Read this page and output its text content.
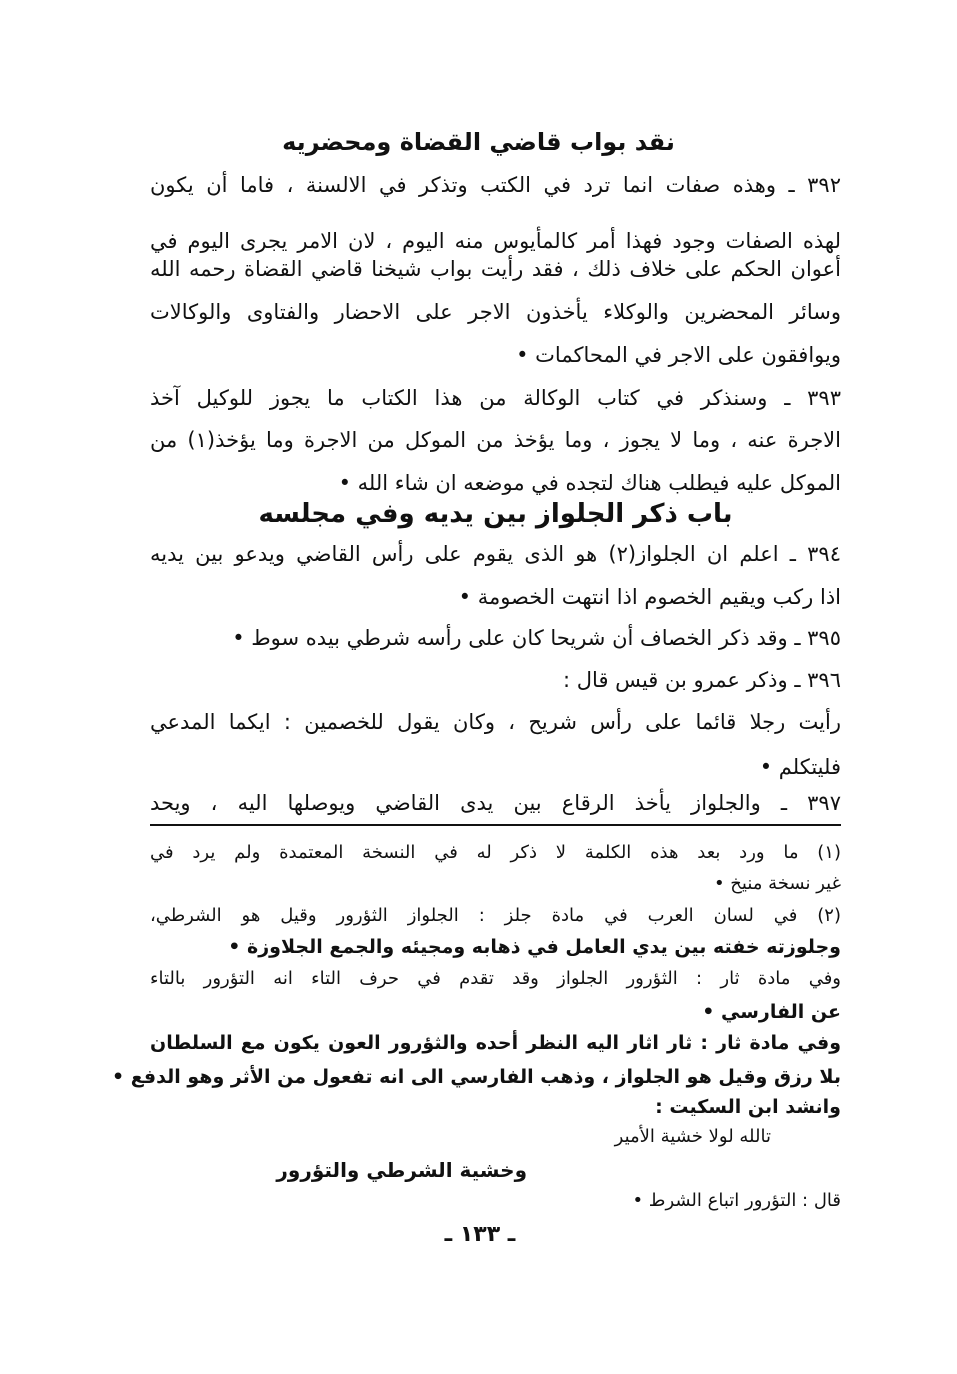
نقد بواب قاضي القضاة ومحضريه
٣٩٢ ـ وهذه صفات انما ترد في الكتب وتذكر في الالسنة ، فاما أن يكون
لهذه الصفات وجود فهذا أمر كالمأيوس منه اليوم ، لان الامر يجرى اليوم في
أعوان الحكم على خلاف ذلك ، فقد رأيت بواب شيخنا قاضي القضاة رحمه الله
وسائر المحضرين والوكلاء يأخذون الاجر على الاحضار والفتاوى والوكالات
ويوافقون على الاجر في المحاكمات •
٣٩٣ ـ وسنذكر في كتاب الوكالة من هذا الكتاب ما يجوز للوكيل آخذ
الاجرة عنه ، وما لا يجوز ، وما يؤخذ من الموكل من الاجرة وما يؤخذ(١) من
الموكل عليه فيطلب هناك لتجده في موضعه ان شاء الله •
باب ذكر الجلواز بين يديه وفي مجلسه
٣٩٤ ـ اعلم ان الجلواز(٢) هو الذى يقوم على رأس القاضي ويدعو بين يديه
اذا ركب ويقيم الخصوم اذا انتهت الخصومة •
٣٩٥ ـ وقد ذكر الخصاف أن شريحا كان على رأسه شرطي بيده سوط •
٣٩٦ ـ وذكر عمرو بن قيس قال :
رأيت رجلا قائما على رأس شريح ، وكان يقول للخصمين : ايكما المدعي
فليتكلم •
٣٩٧ ـ والجلواز يأخذ الرقاع بين يدى القاضي ويوصلها اليه ، ويحد
(١) ما ورد بعد هذه الكلمة لا ذكر له في النسخة المعتمدة ولم يرد في
غير نسخة منيخ •
(٢) في لسان العرب في مادة جلز : الجلواز الثؤرور وقيل هو الشرطي،
وجلوزته خفته بين يدي العامل في ذهابه ومجيئه والجمع الجلاوزة •
وفي مادة ثار : الثؤرور الجلواز وقد تقدم في حرف التاء انه التؤرور بالتاء
عن الفارسي •
وفي مادة ثار : ثار اثار اليه النظر أحده والثؤرور العون يكون مع السلطان
بلا رزق وقيل هو الجلواز ، وذهب الفارسي الى انه تفعول من الأثر وهو الدفع •
وانشد ابن السكيت :
تالله لولا خشية الأمير
وخشية الشرطي والتؤرور
قال : التؤرور اتباع الشرط •
ـ ١٣٣ ـ
